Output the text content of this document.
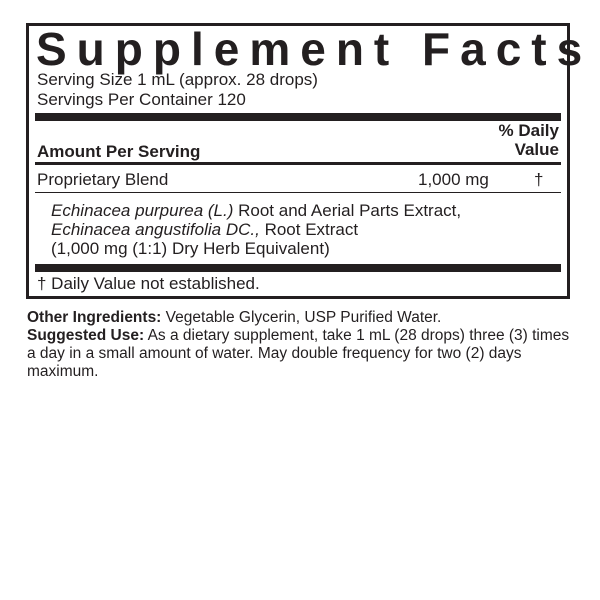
Supplement Facts
Serving Size 1 mL (approx. 28 drops)
Servings Per Container 120
% Daily
Value
Amount Per Serving
Proprietary Blend	1,000 mg	†
Echinacea purpurea (L.) Root and Aerial Parts Extract,
Echinacea angustifolia DC., Root Extract
(1,000 mg (1:1) Dry Herb Equivalent)
† Daily Value not established.
Other Ingredients: Vegetable Glycerin, USP Purified Water.
Suggested Use: As a dietary supplement, take 1 mL (28 drops) three (3) times a day in a small amount of water. May double frequency for two (2) days maximum.
